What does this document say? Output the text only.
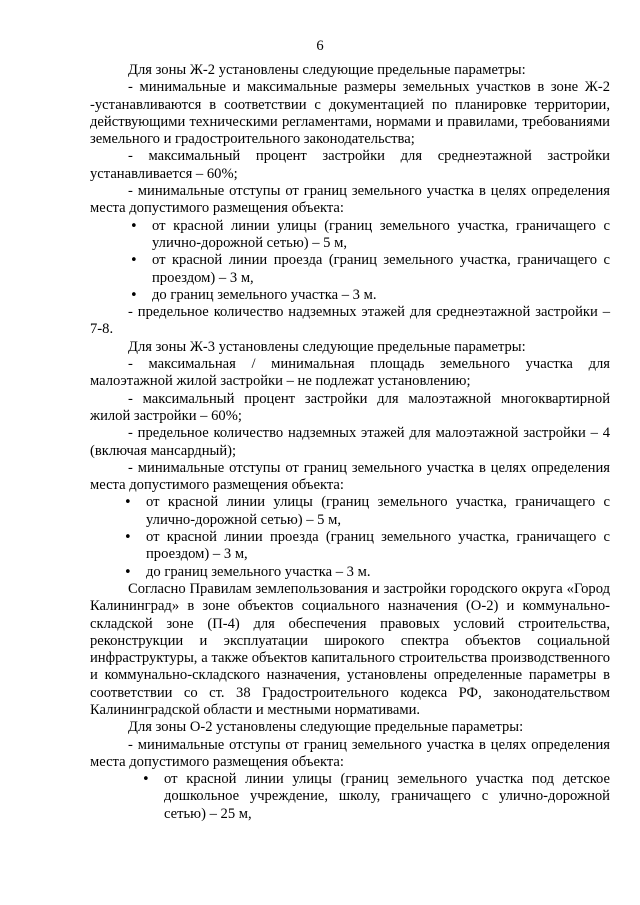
6

Для зоны Ж-2 установлены следующие предельные параметры:

- минимальные и максимальные размеры земельных участков в зоне Ж-2 -устанавливаются в соответствии с документацией по планировке территории, действующими техническими регламентами, нормами и правилами, требованиями земельного и градостроительного законодательства;

- максимальный процент застройки для среднеэтажной застройки устанавливается – 60%;

- минимальные отступы от границ земельного участка в целях определения места допустимого размещения объекта:

• от красной линии улицы (границ земельного участка, граничащего с улично-дорожной сетью) – 5 м,
• от красной линии проезда (границ земельного участка, граничащего с проездом) – 3 м,
• до границ земельного участка – 3 м.

- предельное количество надземных этажей для среднеэтажной застройки – 7-8.

Для зоны Ж-3 установлены следующие предельные параметры:

- максимальная / минимальная площадь земельного участка для малоэтажной жилой застройки – не подлежат установлению;

- максимальный процент застройки для малоэтажной многоквартирной жилой застройки – 60%;

- предельное количество надземных этажей для малоэтажной застройки – 4 (включая мансардный);

- минимальные отступы от границ земельного участка в целях определения места допустимого размещения объекта:

• от красной линии улицы (границ земельного участка, граничащего с улично-дорожной сетью) – 5 м,
• от красной линии проезда (границ земельного участка, граничащего с проездом) – 3 м,
• до границ земельного участка – 3 м.

Согласно Правилам землепользования и застройки городского округа «Город Калининград» в зоне объектов социального назначения (О-2) и коммунально-складской зоне (П-4) для обеспечения правовых условий строительства, реконструкции и эксплуатации широкого спектра объектов социальной инфраструктуры, а также объектов капитального строительства производственного и коммунально-складского назначения, установлены определенные параметры в соответствии со ст. 38 Градостроительного кодекса РФ, законодательством Калининградской области и местными нормативами.

Для зоны О-2 установлены следующие предельные параметры:

- минимальные отступы от границ земельного участка в целях определения места допустимого размещения объекта:

• от красной линии улицы (границ земельного участка под детское дошкольное учреждение, школу, граничащего с улично-дорожной сетью) – 25 м,
